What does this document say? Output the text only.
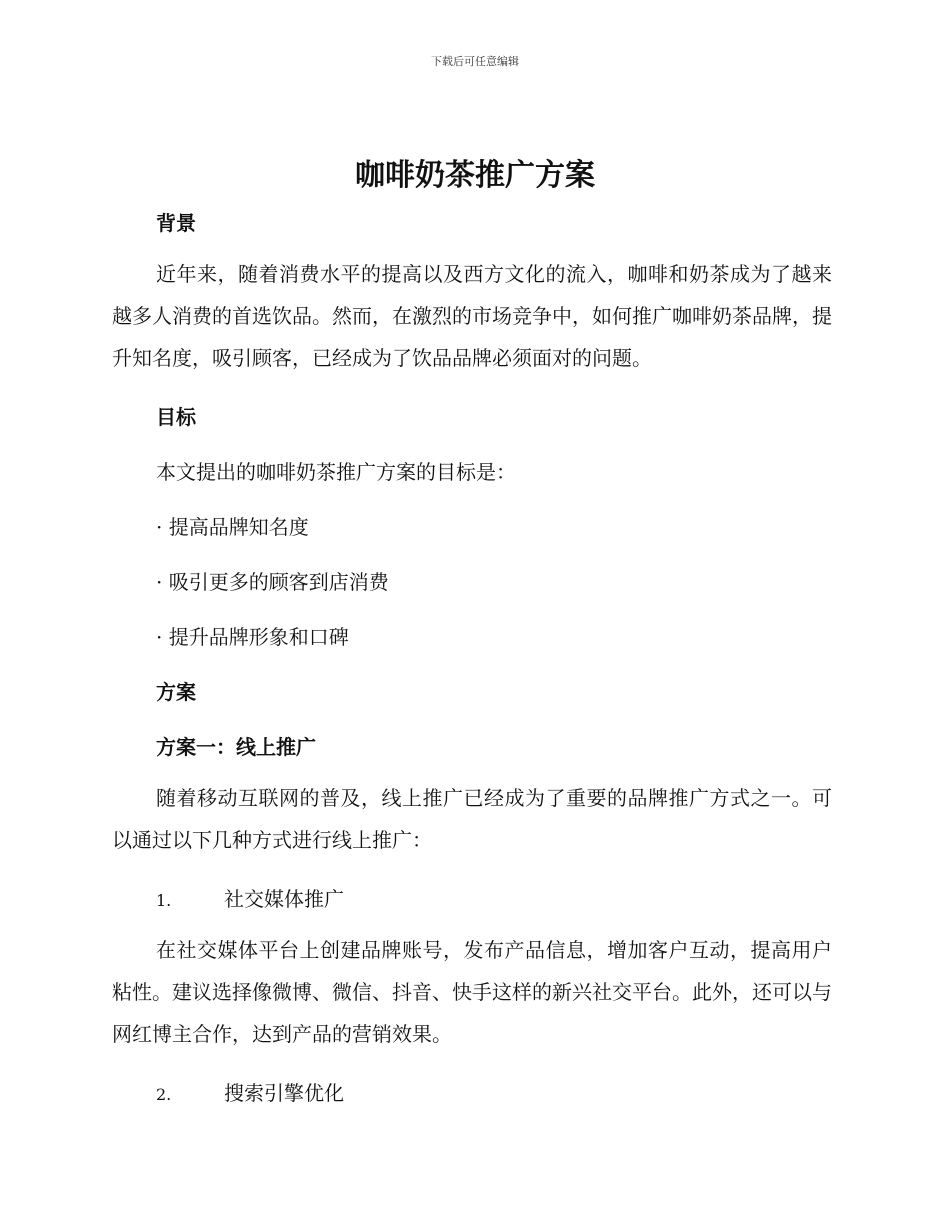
下载后可任意编辑
咖啡奶茶推广方案
背景

近年来，随着消费水平的提高以及西方文化的流入，咖啡和奶茶成为了越来越多人消费的首选饮品。然而，在激烈的市场竞争中，如何推广咖啡奶茶品牌，提升知名度，吸引顾客，已经成为了饮品品牌必须面对的问题。

目标

本文提出的咖啡奶茶推广方案的目标是：

· 提高品牌知名度

· 吸引更多的顾客到店消费

· 提升品牌形象和口碑

方案
方案一：线上推广

随着移动互联网的普及，线上推广已经成为了重要的品牌推广方式之一。可以通过以下几种方式进行线上推广：

1.	社交媒体推广

在社交媒体平台上创建品牌账号，发布产品信息，增加客户互动，提高用户粘性。建议选择像微博、微信、抖音、快手这样的新兴社交平台。此外，还可以与网红博主合作，达到产品的营销效果。

2.	搜索引擎优化
